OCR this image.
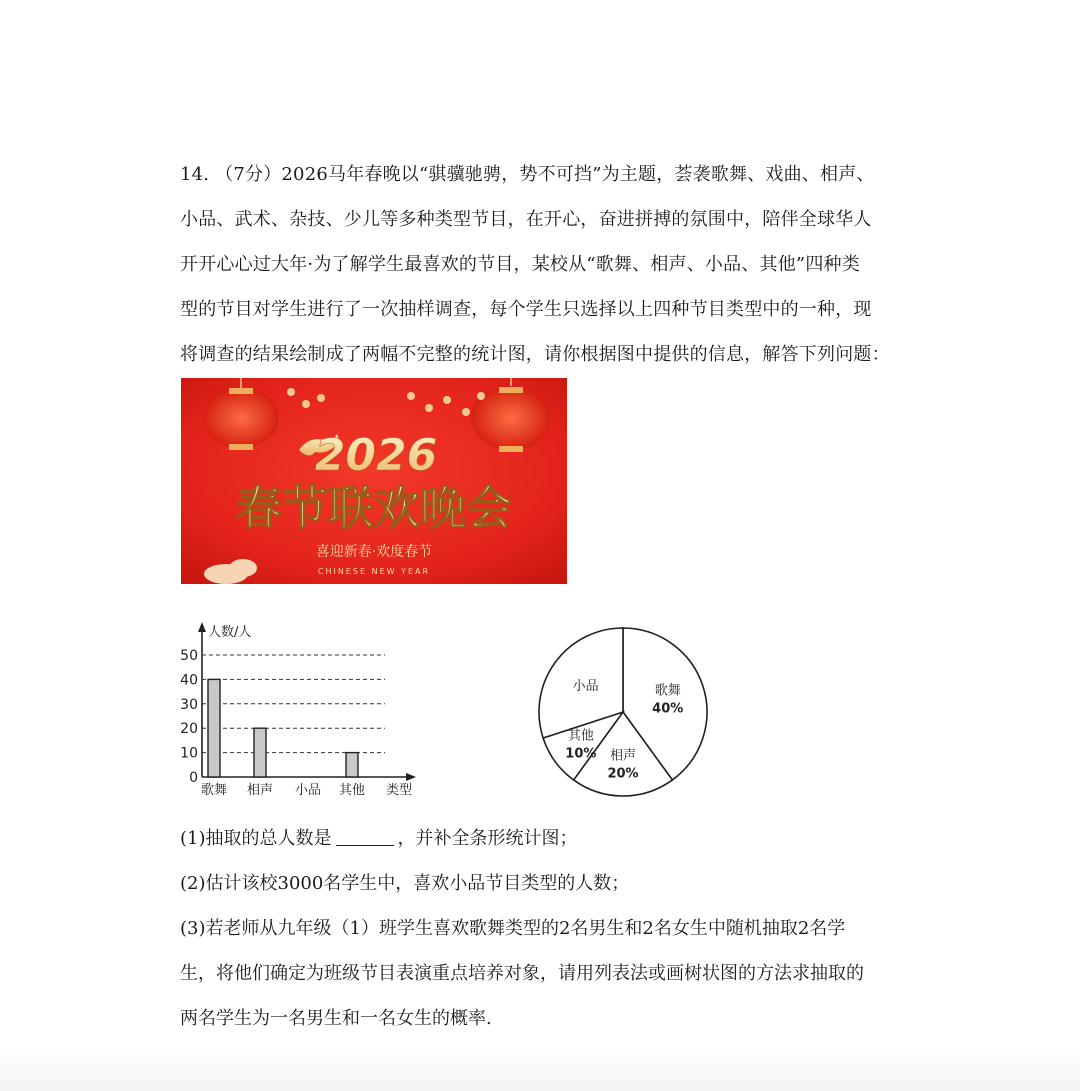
14. （7分）2026马年春晚以“骐骥驰骋，势不可挡”为主题，荟袭歌舞、戏曲、相声、

小品、武术、杂技、少儿等多种类型节目，在开心，奋进拼搏的氛围中，陪伴全球华人

开开心心过大年·为了解学生最喜欢的节目，某校从“歌舞、相声、小品、其他”四种类

型的节目对学生进行了一次抽样调查，每个学生只选择以上四种节目类型中的一种，现

将调查的结果绘制成了两幅不完整的统计图，请你根据图中提供的信息，解答下列问题：

2026
春节联欢晚会
喜迎新春·欢度春节
CHINESE NEW YEAR
人数/人
类型
0
10
20
30
40
50
歌舞 相声 小品 其他
歌舞
40%
相声
20%
其他
10%
小品

(1)抽取的总人数是	，并补全条形统计图；

(2)估计该校3000名学生中，喜欢小品节目类型的人数；

(3)若老师从九年级（1）班学生喜欢歌舞类型的2名男生和2名女生中随机抽取2名学

生，将他们确定为班级节目表演重点培养对象，请用列表法或画树状图的方法求抽取的

两名学生为一名男生和一名女生的概率.
